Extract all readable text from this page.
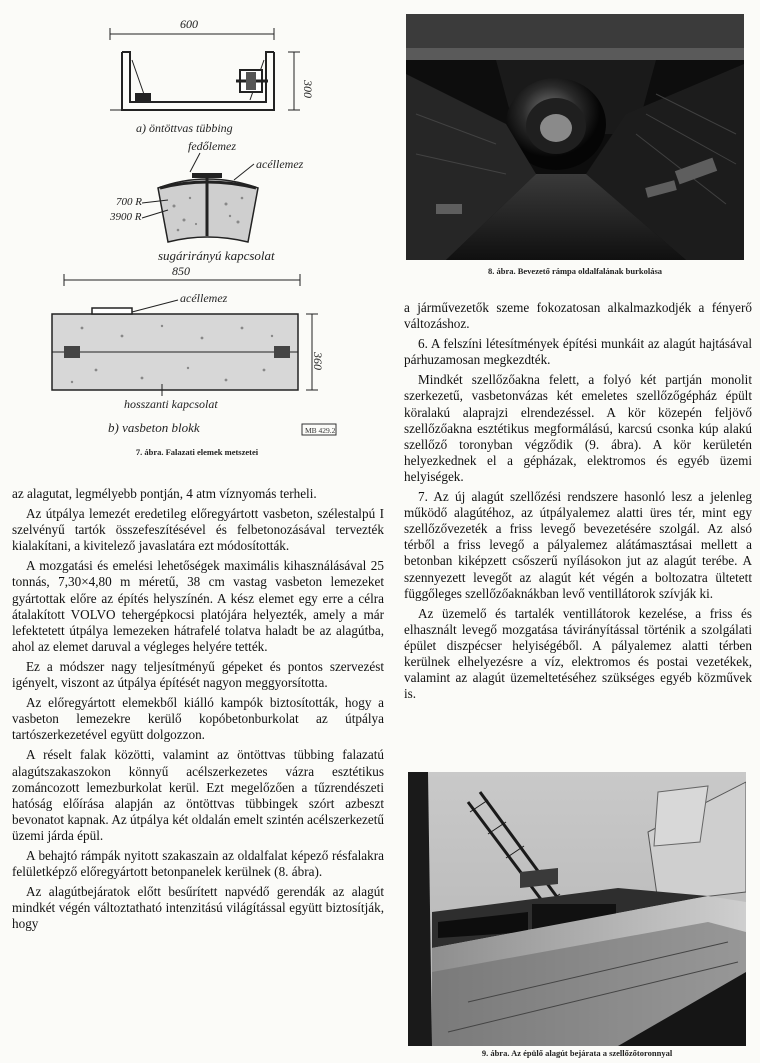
600
300
a) öntöttvas tübbing
fedőlemez
acéllemez
700 R
3900 R
sugárirányú kapcsolat
850
acéllemez
360
hosszanti kapcsolat
b) vasbeton blokk	MB 429.2
7. ábra. Falazati elemek metszetei
8. ábra. Bevezető rámpa oldalfalának burkolása
9. ábra. Az épülő alagút bejárata a szellőzőtoronnyal

az alagutat, legmélyebb pontján, 4 atm víznyomás terheli.

Az útpálya lemezét eredetileg előregyártott vasbeton, szélestalpú I szelvényű tartók összefeszítésével és felbetonozásával tervezték kialakítani, a kivitelező javaslatára ezt módosították.

A mozgatási és emelési lehetőségek maximális kihasználásával 25 tonnás, 7,30×4,80 m méretű, 38 cm vastag vasbeton lemezeket gyártottak előre az építés helyszínén. A kész elemet egy erre a célra átalakított VOLVO tehergépkocsi platójára helyezték, amely a már lefektetett útpálya lemezeken hátrafelé tolatva haladt be az alagútba, ahol az elemet daruval a végleges helyére tették.

Ez a módszer nagy teljesítményű gépeket és pontos szervezést igényelt, viszont az útpálya építését nagyon meggyorsította.

Az előregyártott elemekből kiálló kampók biztosították, hogy a vasbeton lemezekre kerülő kopóbetonburkolat az útpálya tartószerkezetével együtt dolgozzon.

A réselt falak közötti, valamint az öntöttvas tübbing falazatú alagútszakaszokon könnyű acélszerkezetes vázra esztétikus zománcozott lemezburkolat kerül. Ezt megelőzően a tűzrendészeti hatóság előírása alapján az öntöttvas tübbingek szórt azbeszt bevonatot kapnak. Az útpálya két oldalán emelt szintén acélszerkezetű üzemi járda épül.

A behajtó rámpák nyitott szakaszain az oldalfalat képező résfalakra felületképző előregyártott betonpanelek kerülnek (8. ábra).

Az alagútbejáratok előtt besűrített napvédő gerendák az alagút mindkét végén változtatható intenzitású világítással együtt biztosítják, hogy

a járművezetők szeme fokozatosan alkalmazkodjék a fényerő változáshoz.

6. A felszíni létesítmények építési munkáit az alagút hajtásával párhuzamosan megkezdték.

Mindkét szellőzőakna felett, a folyó két partján monolit szerkezetű, vasbetonvázas két emeletes szellőzőgépház épült köralakú alaprajzi elrendezéssel. A kör közepén feljövő szellőzőakna esztétikus megformálású, karcsú csonka kúp alakú szellőző toronyban végződik (9. ábra). A kör kerületén helyezkednek el a gépházak, elektromos és egyéb üzemi helyiségek.

7. Az új alagút szellőzési rendszere hasonló lesz a jelenleg működő alagútéhoz, az útpályalemez alatti üres tér, mint egy szellőzővezeték a friss levegő bevezetésére szolgál. Az alsó térből a friss levegő a pályalemez alátámasztásai mellett a betonban kiképzett csőszerű nyílásokon jut az alagút terébe. A szennyezett levegőt az alagút két végén a boltozatra ültetett függőleges szellőzőaknákban levő ventillátorok szívják ki.

Az üzemelő és tartalék ventillátorok kezelése, a friss és elhasznált levegő mozgatása távirányítással történik a szolgálati épület diszpécser helyiségéből. A pályalemez alatti térben kerülnek elhelyezésre a víz, elektromos és postai vezetékek, valamint az alagút üzemeltetéséhez szükséges egyéb közművek is.
